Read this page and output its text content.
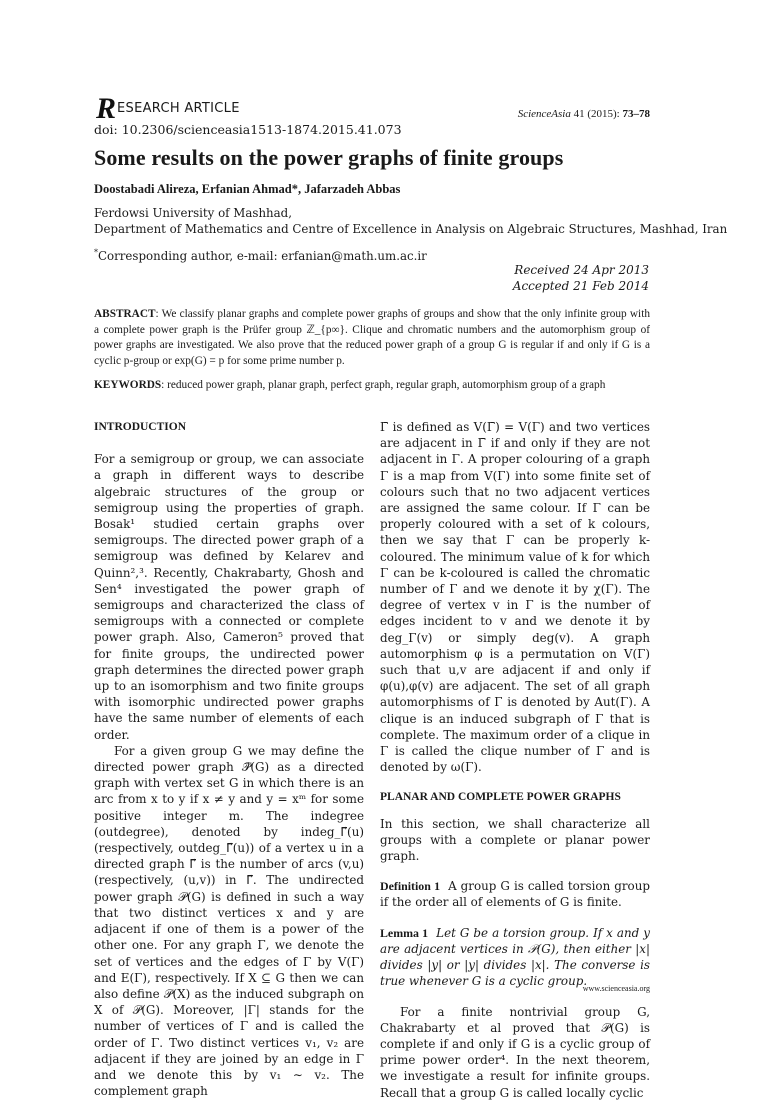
R ESEARCH ARTICLE	ScienceAsia 41 (2015): 73–78
doi: 10.2306/scienceasia1513-1874.2015.41.073
Some results on the power graphs of finite groups
Doostabadi Alireza, Erfanian Ahmad*, Jafarzadeh Abbas
Ferdowsi University of Mashhad,
Department of Mathematics and Centre of Excellence in Analysis on Algebraic Structures, Mashhad, Iran
*Corresponding author, e-mail: erfanian@math.um.ac.ir
Received 24 Apr 2013
Accepted 21 Feb 2014
ABSTRACT: We classify planar graphs and complete power graphs of groups and show that the only infinite group with a complete power graph is the Prüfer group ℤ_{p∞}. Clique and chromatic numbers and the automorphism group of power graphs are investigated. We also prove that the reduced power graph of a group G is regular if and only if G is a cyclic p-group or exp(G) = p for some prime number p.
KEYWORDS: reduced power graph, planar graph, perfect graph, regular graph, automorphism group of a graph
INTRODUCTION

For a semigroup or group, we can associate a graph in different ways to describe algebraic structures of the group or semigroup using the properties of graph. Bosak¹ studied certain graphs over semigroups. The directed power graph of a semigroup was defined by Kelarev and Quinn²,³. Recently, Chakrabarty, Ghosh and Sen⁴ investigated the power graph of semigroups and characterized the class of semigroups with a connected or complete power graph. Also, Cameron⁵ proved that for finite groups, the undirected power graph determines the directed power graph up to an isomorphism and two finite groups with isomorphic undirected power graphs have the same number of elements of each order.

For a given group G we may define the directed power graph 𝒫⃗(G) as a directed graph with vertex set G in which there is an arc from x to y if x ≠ y and y = xᵐ for some positive integer m. The indegree (outdegree), denoted by indeg_Γ⃗(u) (respectively, outdeg_Γ⃗(u)) of a vertex u in a directed graph Γ⃗ is the number of arcs (v,u) (respectively, (u,v)) in Γ⃗. The undirected power graph 𝒫(G) is defined in such a way that two distinct vertices x and y are adjacent if one of them is a power of the other one. For any graph Γ, we denote the set of vertices and the edges of Γ by V(Γ) and E(Γ), respectively. If X ⊆ G then we can also define 𝒫(X) as the induced subgraph on X of 𝒫(G). Moreover, |Γ| stands for the number of vertices of Γ and is called the order of Γ. Two distinct vertices v₁, v₂ are adjacent if they are joined by an edge in Γ and we denote this by v₁ ∼ v₂. The complement graph

Γ̄ is defined as V(Γ̄) = V(Γ) and two vertices are adjacent in Γ̄ if and only if they are not adjacent in Γ. A proper colouring of a graph Γ is a map from V(Γ) into some finite set of colours such that no two adjacent vertices are assigned the same colour. If Γ can be properly coloured with a set of k colours, then we say that Γ can be properly k-coloured. The minimum value of k for which Γ can be k-coloured is called the chromatic number of Γ and we denote it by χ(Γ). The degree of vertex v in Γ is the number of edges incident to v and we denote it by deg_Γ(v) or simply deg(v). A graph automorphism φ is a permutation on V(Γ) such that u,v are adjacent if and only if φ(u),φ(v) are adjacent. The set of all graph automorphisms of Γ is denoted by Aut(Γ). A clique is an induced subgraph of Γ that is complete. The maximum order of a clique in Γ is called the clique number of Γ and is denoted by ω(Γ).

PLANAR AND COMPLETE POWER GRAPHS

In this section, we shall characterize all groups with a complete or planar power graph.

Definition 1 A group G is called torsion group if the order all of elements of G is finite.

Lemma 1 Let G be a torsion group. If x and y are adjacent vertices in 𝒫(G), then either |x| divides |y| or |y| divides |x|. The converse is true whenever G is a cyclic group.

For a finite nontrivial group G, Chakrabarty et al proved that 𝒫(G) is complete if and only if G is a cyclic group of prime power order⁴. In the next theorem, we investigate a result for infinite groups. Recall that a group G is called locally cyclic

www.scienceasia.org
